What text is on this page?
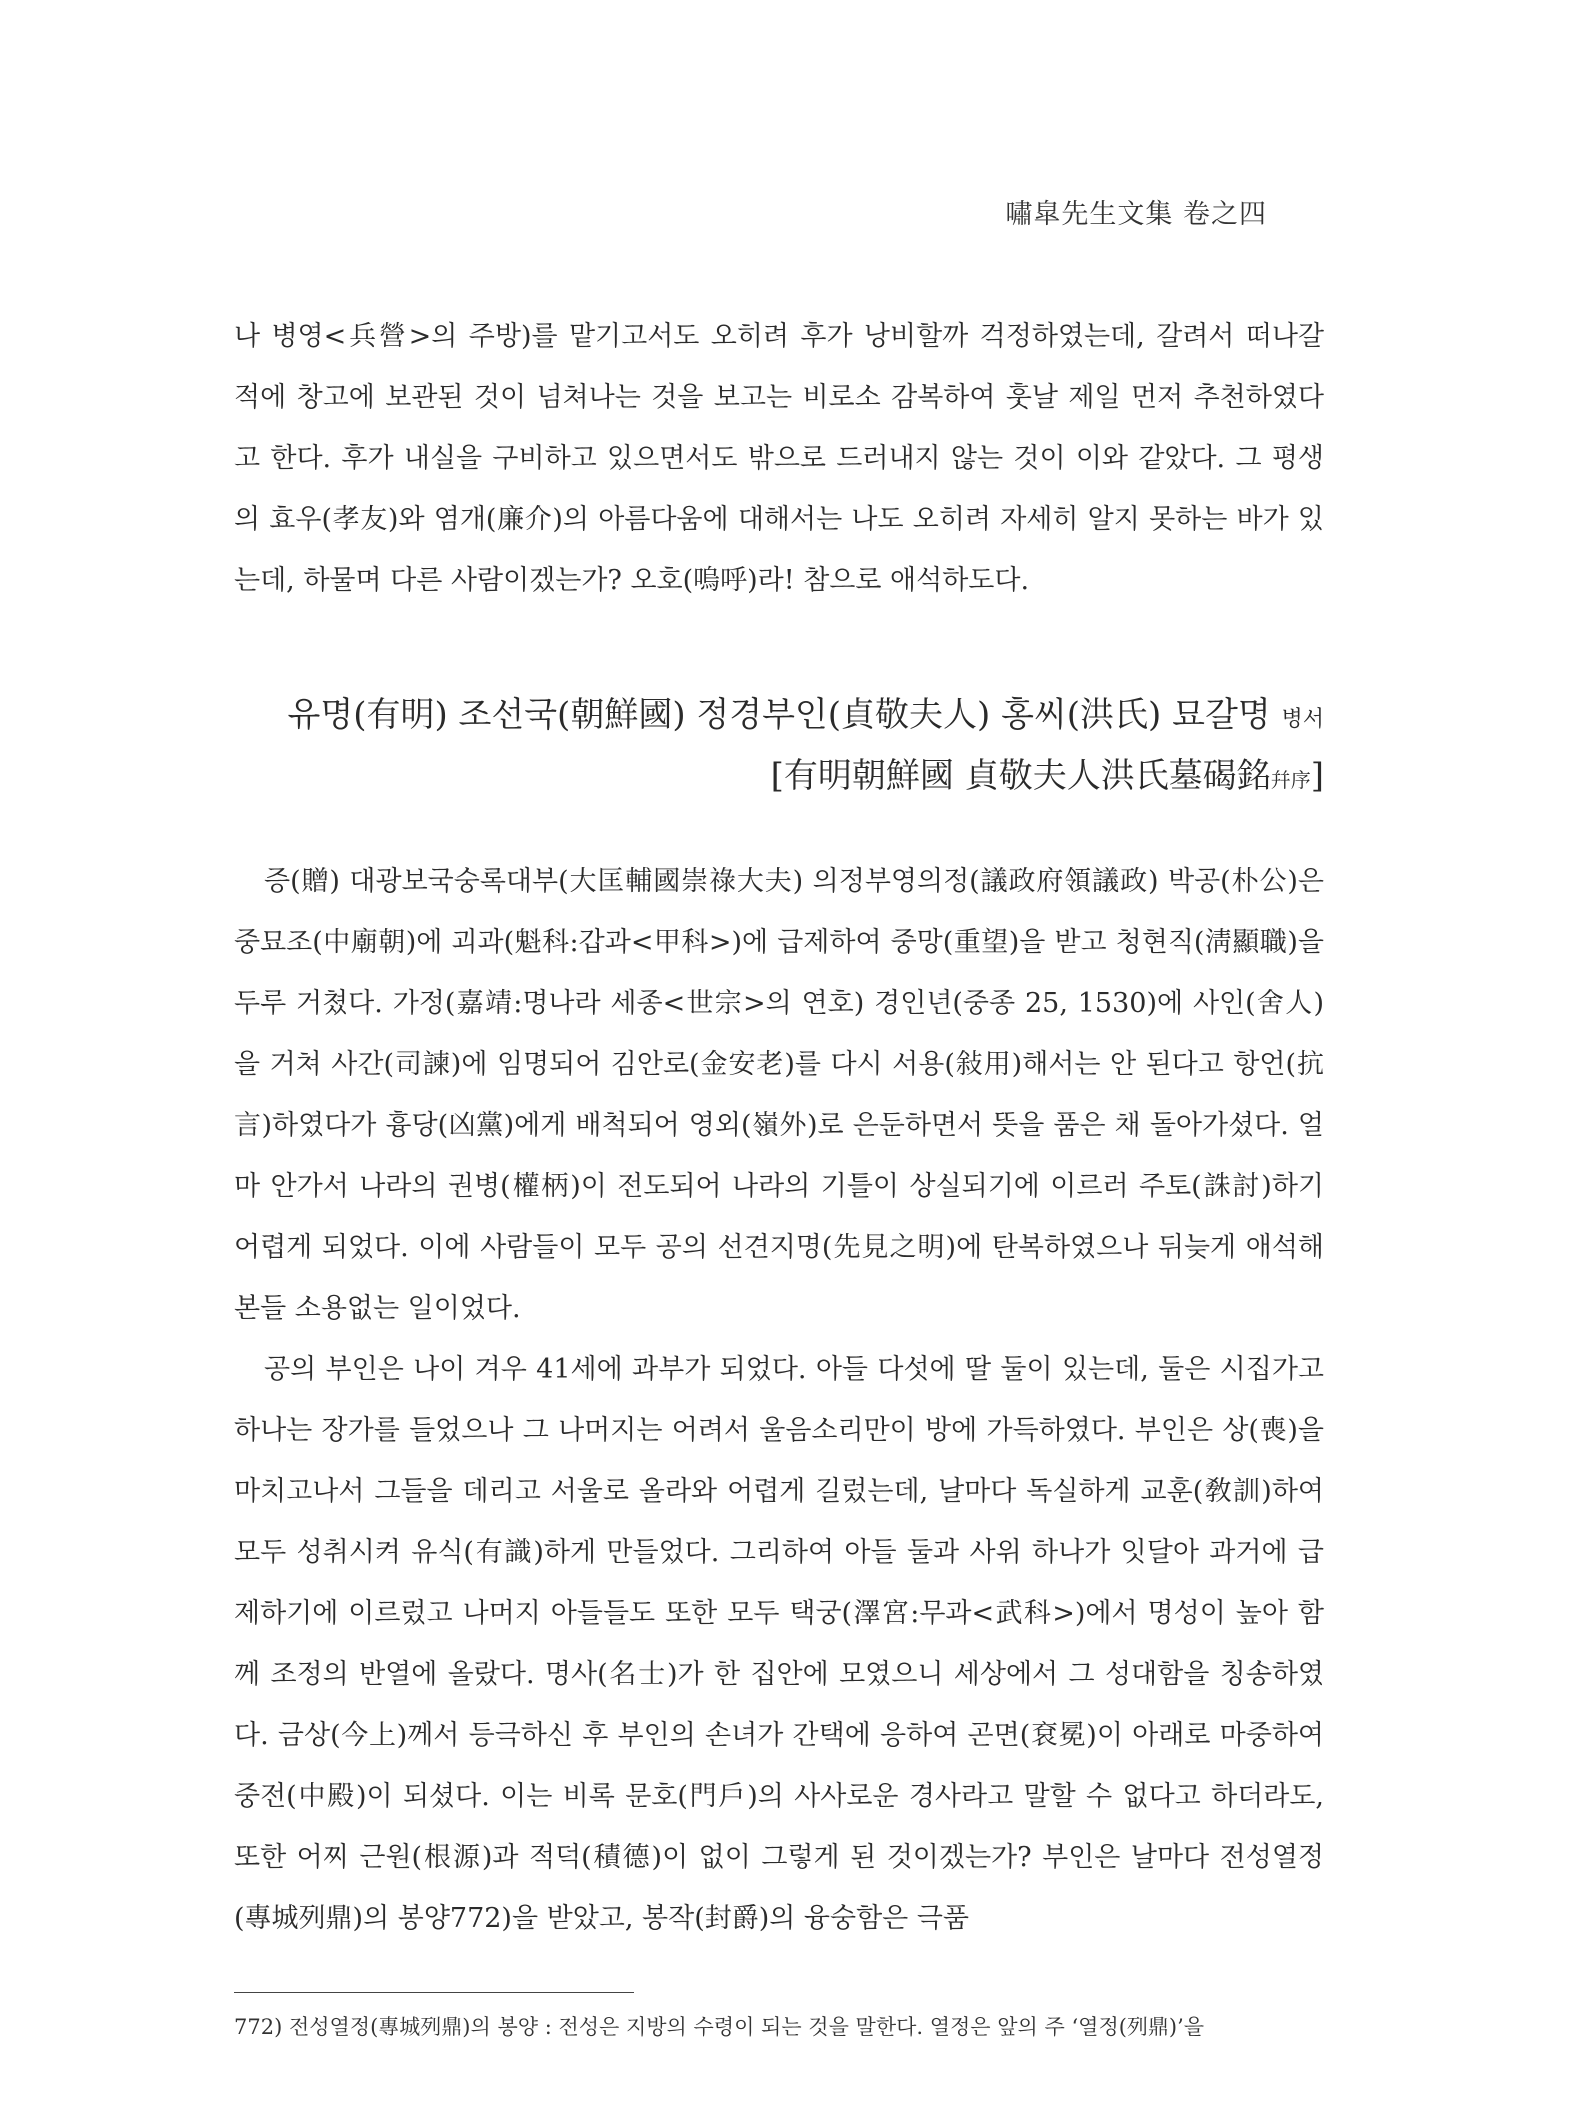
嘯皐先生文集 卷之四

나 병영<兵營>의 주방)를 맡기고서도 오히려 후가 낭비할까 걱정하였는데, 갈려서 떠나갈 적에 창고에 보관된 것이 넘쳐나는 것을 보고는 비로소 감복하여 훗날 제일 먼저 추천하였다고 한다. 후가 내실을 구비하고 있으면서도 밖으로 드러내지 않는 것이 이와 같았다. 그 평생의 효우(孝友)와 염개(廉介)의 아름다움에 대해서는 나도 오히려 자세히 알지 못하는 바가 있는데, 하물며 다른 사람이겠는가? 오호(嗚呼)라! 참으로 애석하도다.

유명(有明) 조선국(朝鮮國) 정경부인(貞敬夫人) 홍씨(洪氏) 묘갈명 병서
[有明朝鮮國 貞敬夫人洪氏墓碣銘幷序]

증(贈) 대광보국숭록대부(大匡輔國崇祿大夫) 의정부영의정(議政府領議政) 박공(朴公)은 중묘조(中廟朝)에 괴과(魁科:갑과<甲科>)에 급제하여 중망(重望)을 받고 청현직(淸顯職)을 두루 거쳤다. 가정(嘉靖:명나라 세종<世宗>의 연호) 경인년(중종 25, 1530)에 사인(舍人)을 거쳐 사간(司諫)에 임명되어 김안로(金安老)를 다시 서용(敍用)해서는 안 된다고 항언(抗言)하였다가 흉당(凶黨)에게 배척되어 영외(嶺外)로 은둔하면서 뜻을 품은 채 돌아가셨다. 얼마 안가서 나라의 권병(權柄)이 전도되어 나라의 기틀이 상실되기에 이르러 주토(誅討)하기 어렵게 되었다. 이에 사람들이 모두 공의 선견지명(先見之明)에 탄복하였으나 뒤늦게 애석해본들 소용없는 일이었다.

공의 부인은 나이 겨우 41세에 과부가 되었다. 아들 다섯에 딸 둘이 있는데, 둘은 시집가고 하나는 장가를 들었으나 그 나머지는 어려서 울음소리만이 방에 가득하였다. 부인은 상(喪)을 마치고나서 그들을 데리고 서울로 올라와 어렵게 길렀는데, 날마다 독실하게 교훈(敎訓)하여 모두 성취시켜 유식(有識)하게 만들었다. 그리하여 아들 둘과 사위 하나가 잇달아 과거에 급제하기에 이르렀고 나머지 아들들도 또한 모두 택궁(澤宮:무과<武科>)에서 명성이 높아 함께 조정의 반열에 올랐다. 명사(名士)가 한 집안에 모였으니 세상에서 그 성대함을 칭송하였다. 금상(今上)께서 등극하신 후 부인의 손녀가 간택에 응하여 곤면(袞冕)이 아래로 마중하여 중전(中殿)이 되셨다. 이는 비록 문호(門戶)의 사사로운 경사라고 말할 수 없다고 하더라도, 또한 어찌 근원(根源)과 적덕(積德)이 없이 그렇게 된 것이겠는가? 부인은 날마다 전성열정(專城列鼎)의 봉양772)을 받았고, 봉작(封爵)의 융숭함은 극품

772) 전성열정(專城列鼎)의 봉양 : 전성은 지방의 수령이 되는 것을 말한다. 열정은 앞의 주 ‘열정(列鼎)’을
